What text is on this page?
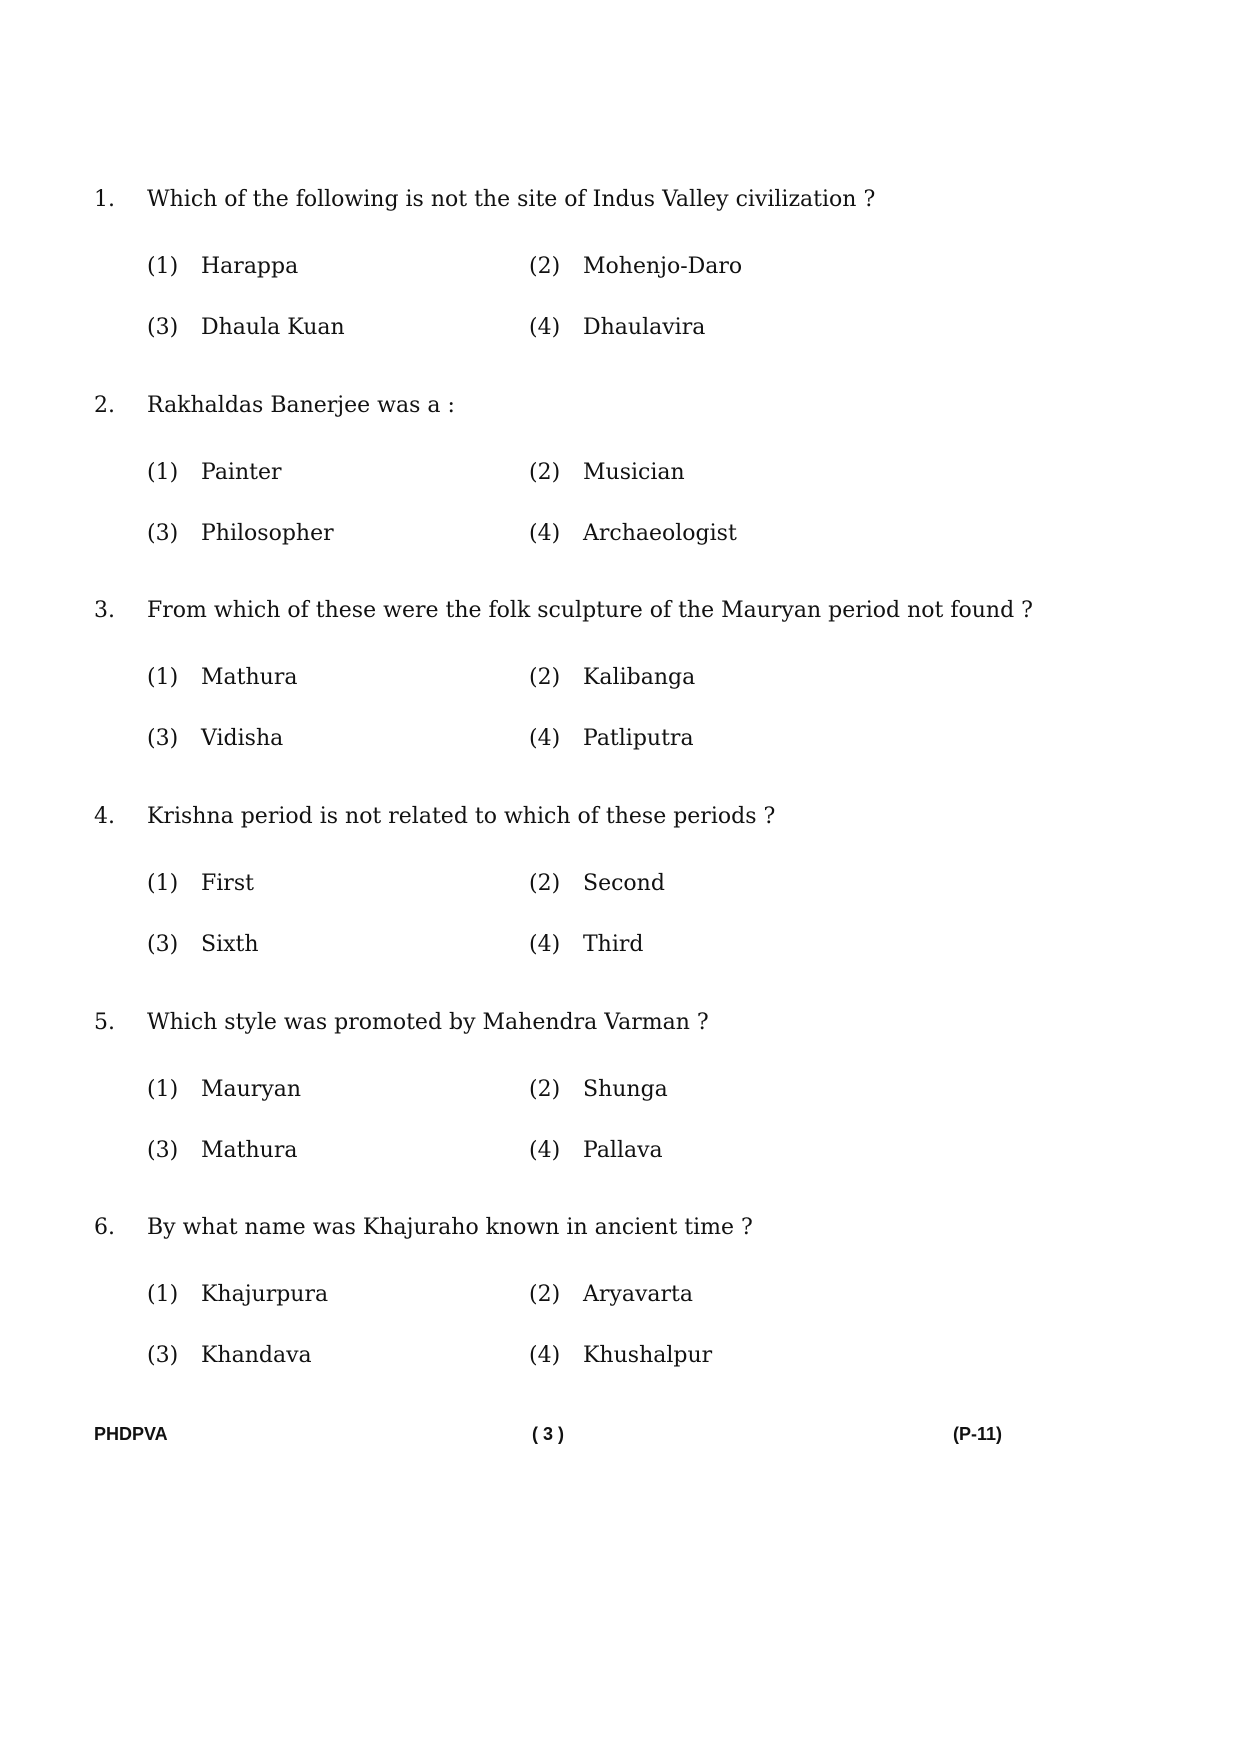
1. Which of the following is not the site of Indus Valley civilization ?
(1) Harappa	(2) Mohenjo-Daro
(3) Dhaula Kuan	(4) Dhaulavira
2. Rakhaldas Banerjee was a :
(1) Painter	(2) Musician
(3) Philosopher	(4) Archaeologist
3. From which of these were the folk sculpture of the Mauryan period not found ?
(1) Mathura	(2) Kalibanga
(3) Vidisha	(4) Patliputra
4. Krishna period is not related to which of these periods ?
(1) First	(2) Second
(3) Sixth	(4) Third
5. Which style was promoted by Mahendra Varman ?
(1) Mauryan	(2) Shunga
(3) Mathura	(4) Pallava
6. By what name was Khajuraho known in ancient time ?
(1) Khajurpura	(2) Aryavarta
(3) Khandava	(4) Khushalpur
PHDPVA	( 3 )	(P-11)
